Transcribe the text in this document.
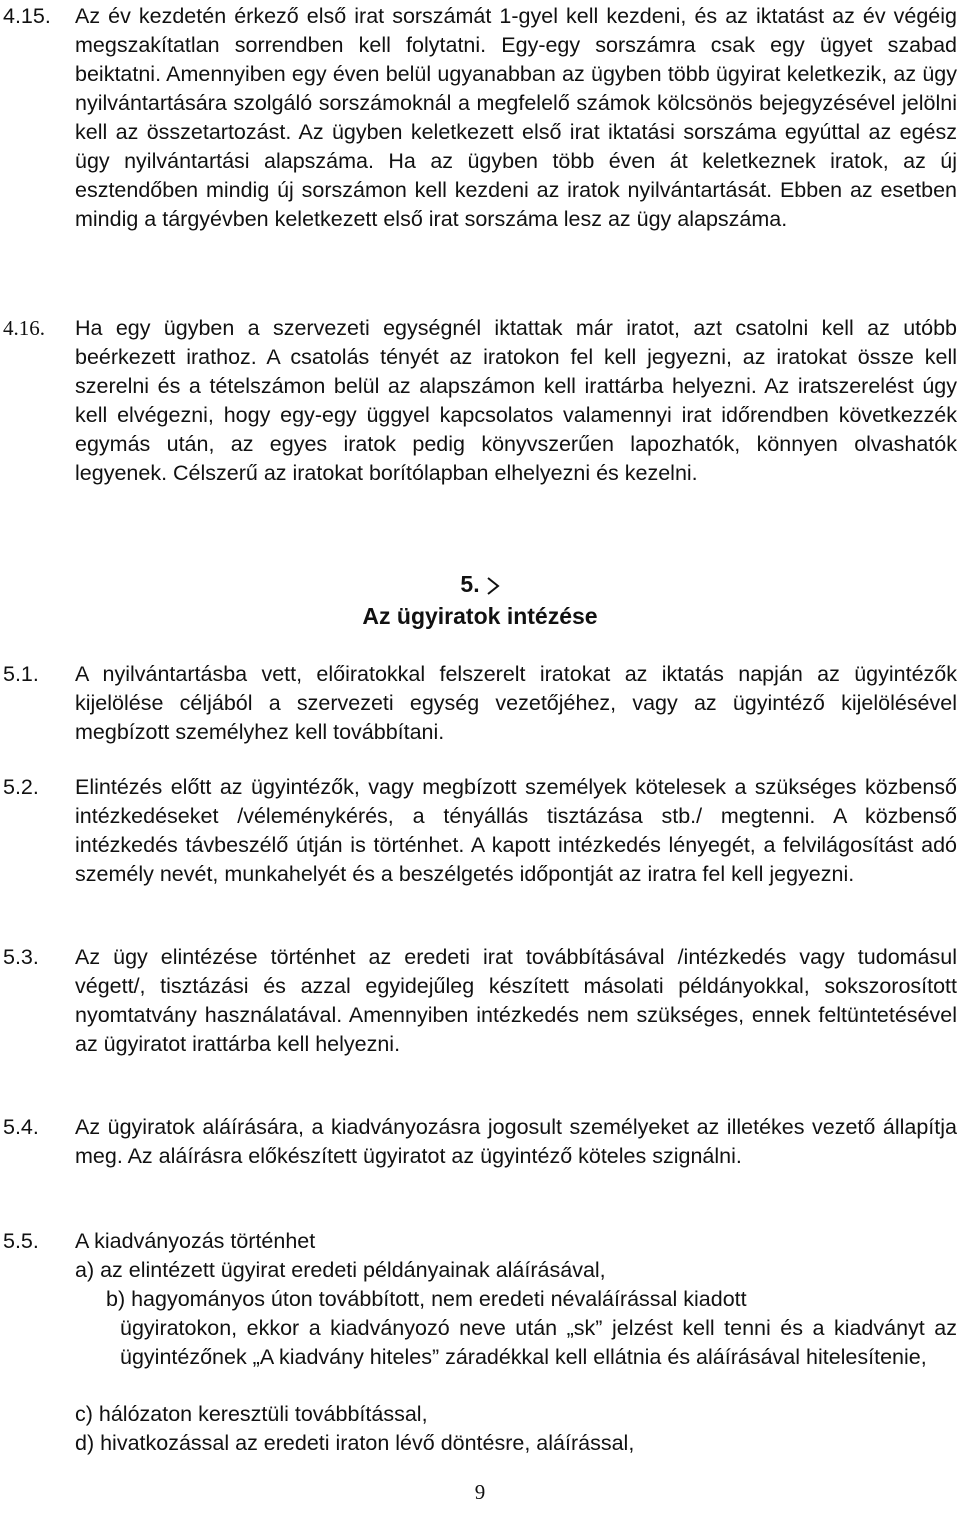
4.15. Az év kezdetén érkező első irat sorszámát 1-gyel kell kezdeni, és az iktatást az év végéig megszakítatlan sorrendben kell folytatni. Egy-egy sorszámra csak egy ügyet szabad beiktatni. Amennyiben egy éven belül ugyanabban az ügyben több ügyirat keletkezik, az ügy nyilvántartására szolgáló sorszámoknál a megfelelő számok kölcsönös bejegyzésével jelölni kell az összetartozást. Az ügyben keletkezett első irat iktatási sorszáma egyúttal az egész ügy nyilvántartási alapszáma. Ha az ügyben több éven át keletkeznek iratok, az új esztendőben mindig új sorszámon kell kezdeni az iratok nyilvántartását. Ebben az esetben mindig a tárgyévben keletkezett első irat sorszáma lesz az ügy alapszáma.

4.16. Ha egy ügyben a szervezeti egységnél iktattak már iratot, azt csatolni kell az utóbb beérkezett irathoz. A csatolás tényét az iratokon fel kell jegyezni, az iratokat össze kell szerelni és a tételszámon belül az alapszámon kell irattárba helyezni. Az iratszerelést úgy kell elvégezni, hogy egy-egy üggyel kapcsolatos valamennyi irat időrendben következzék egymás után, az egyes iratok pedig könyvszerűen lapozhatók, könnyen olvashatók legyenek. Célszerű az iratokat borítólapban elhelyezni és kezelni.

5.
Az ügyiratok intézése
5.1. A nyilvántartásba vett, előiratokkal felszerelt iratokat az iktatás napján az ügyintézők kijelölése céljából a szervezeti egység vezetőjéhez, vagy az ügyintéző kijelölésével megbízott személyhez kell továbbítani.

5.2. Elintézés előtt az ügyintézők, vagy megbízott személyek kötelesek a szükséges közbenső intézkedéseket /véleménykérés, a tényállás tisztázása stb./ megtenni. A közbenső intézkedés távbeszélő útján is történhet. A kapott intézkedés lényegét, a felvilágosítást adó személy nevét, munkahelyét és a beszélgetés időpontját az iratra fel kell jegyezni.

5.3. Az ügy elintézése történhet az eredeti irat továbbításával /intézkedés vagy tudomásul végett/, tisztázási és azzal egyidejűleg készített másolati példányokkal, sokszorosított nyomtatvány használatával. Amennyiben intézkedés nem szükséges, ennek feltüntetésével az ügyiratot irattárba kell helyezni.

5.4. Az ügyiratok aláírására, a kiadványozásra jogosult személyeket az illetékes vezető állapítja meg. Az aláírásra előkészített ügyiratot az ügyintéző köteles szignálni.

5.5. A kiadványozás történhet
a) az elintézett ügyirat eredeti példányainak aláírásával,
b) hagyományos úton továbbított, nem eredeti névaláírással kiadott
ügyiratokon, ekkor a kiadványozó neve után „sk” jelzést kell tenni és a kiadványt az ügyintézőnek „A kiadvány hiteles” záradékkal kell ellátnia és aláírásával hitelesítenie,
c) hálózaton keresztüli továbbítással,
d) hivatkozással az eredeti iraton lévő döntésre, aláírással,
9
